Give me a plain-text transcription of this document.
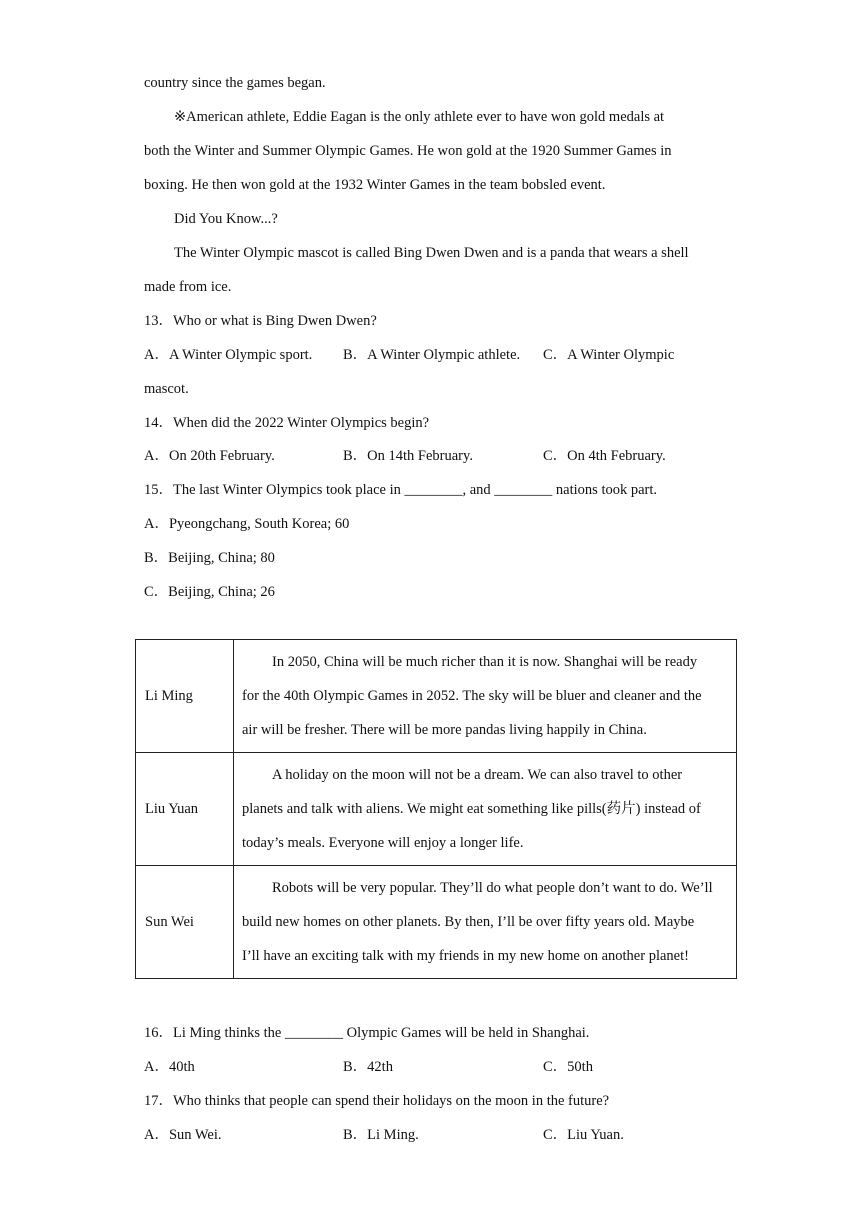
country since the games began.
※American athlete, Eddie Eagan is the only athlete ever to have won gold medals at
both the Winter and Summer Olympic Games. He won gold at the 1920 Summer Games in
boxing. He then won gold at the 1932 Winter Games in the team bobsled event.
Did You Know...?
The Winter Olympic mascot is called Bing Dwen Dwen and is a panda that wears a shell
made from ice.
13．Who or what is Bing Dwen Dwen?
A．A Winter Olympic sport. B．A Winter Olympic athlete. C．A Winter Olympic
mascot.
14．When did the 2022 Winter Olympics begin?
A．On 20th February.	B．On 14th February.	C．On 4th February.
15．The last Winter Olympics took place in ________, and ________ nations took part.
A．Pyeongchang, South Korea; 60
B．Beijing, China; 80
C．Beijing, China; 26
Li Ming	In 2050, China will be much richer than it is now. Shanghai will be ready
for the 40th Olympic Games in 2052. The sky will be bluer and cleaner and the
air will be fresher. There will be more pandas living happily in China.

Liu Yuan	A holiday on the moon will not be a dream. We can also travel to other
planets and talk with aliens. We might eat something like pills(药片) instead of
today’s meals. Everyone will enjoy a longer life.

Sun Wei	Robots will be very popular. They’ll do what people don’t want to do. We’ll
build new homes on other planets. By then, I’ll be over fifty years old. Maybe
I’ll have an exciting talk with my friends in my new home on another planet!
16．Li Ming thinks the ________ Olympic Games will be held in Shanghai.
A．40th	B．42th	C．50th
17．Who thinks that people can spend their holidays on the moon in the future?
A．Sun Wei.	B．Li Ming.	C．Liu Yuan.
